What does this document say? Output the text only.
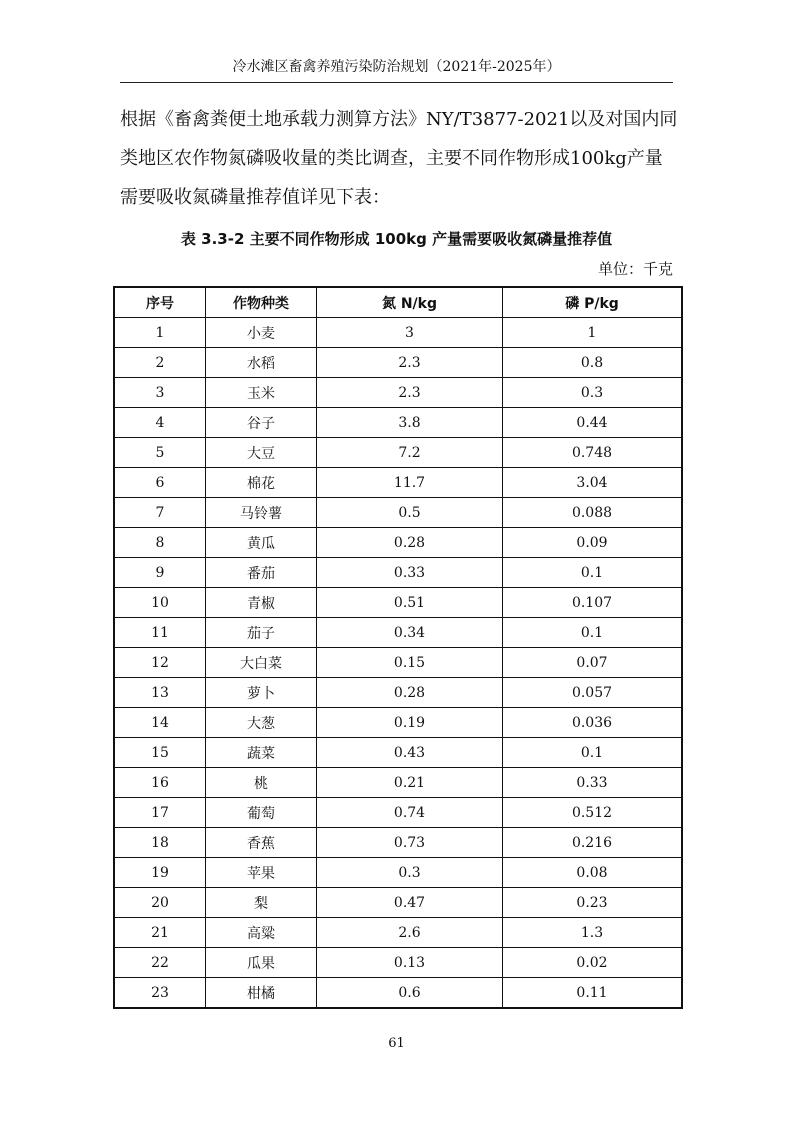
冷水滩区畜禽养殖污染防治规划（2021年-2025年）

根据《畜禽粪便土地承载力测算方法》NY/T3877-2021以及对国内同类地区农作物氮磷吸收量的类比调查，主要不同作物形成100kg产量需要吸收氮磷量推荐值详见下表：

表 3.3-2 主要不同作物形成 100kg 产量需要吸收氮磷量推荐值
单位：千克
序号	作物种类	氮 N/kg	磷 P/kg
1	小麦	3	1
2	水稻	2.3	0.8
3	玉米	2.3	0.3
4	谷子	3.8	0.44
5	大豆	7.2	0.748
6	棉花	11.7	3.04
7	马铃薯	0.5	0.088
8	黄瓜	0.28	0.09
9	番茄	0.33	0.1
10	青椒	0.51	0.107
11	茄子	0.34	0.1
12	大白菜	0.15	0.07
13	萝卜	0.28	0.057
14	大葱	0.19	0.036
15	蔬菜	0.43	0.1
16	桃	0.21	0.33
17	葡萄	0.74	0.512
18	香蕉	0.73	0.216
19	苹果	0.3	0.08
20	梨	0.47	0.23
21	高粱	2.6	1.3
22	瓜果	0.13	0.02
23	柑橘	0.6	0.11
61
